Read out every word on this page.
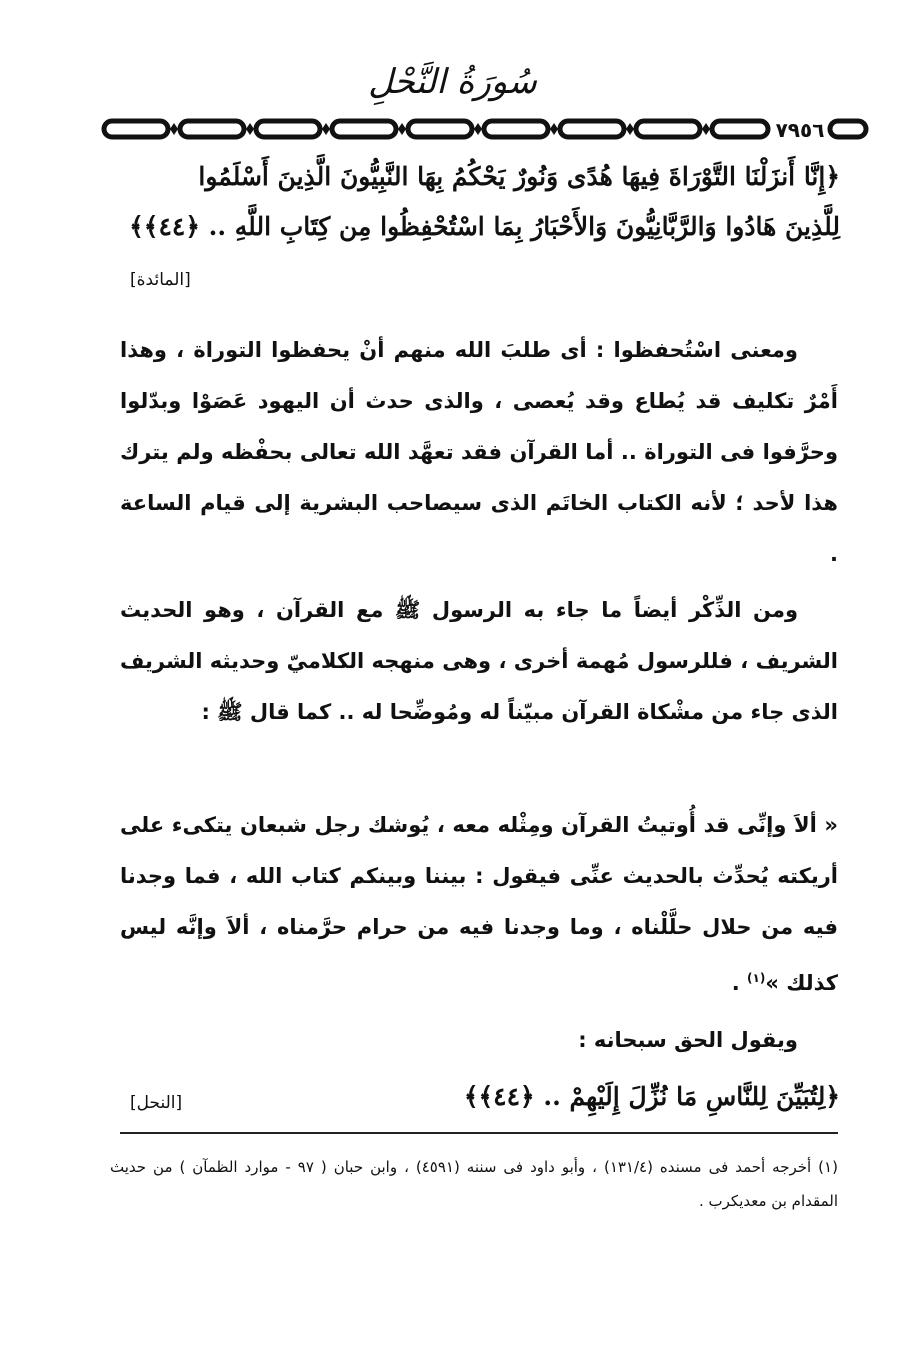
سُورَةُ النَّحْلِ
٧٩٥٦
﴿إِنَّا أَنزَلْنَا التَّوْرَاةَ فِيهَا هُدًى وَنُورٌ يَحْكُمُ بِهَا النَّبِيُّونَ الَّذِينَ أَسْلَمُوا
لِلَّذِينَ هَادُوا وَالرَّبَّانِيُّونَ وَالأَحْبَارُ بِمَا اسْتُحْفِظُوا مِن كِتَابِ اللَّهِ .. ﴿٤٤﴾﴾
[المائدة]
ومعنى اسْتُحفظوا : أى طلبَ الله منهم أنْ يحفظوا التوراة ، وهذا أَمْرٌ تكليف قد يُطاع وقد يُعصى ، والذى حدث أن اليهود عَصَوْا وبدّلوا وحرَّفوا فى التوراة .. أما القرآن فقد تعهَّد الله تعالى بحفْظه ولم يترك هذا لأحد ؛ لأنه الكتاب الخاتَم الذى سيصاحب البشرية إلى قيام الساعة .
ومن الذِّكْر أيضاً ما جاء به الرسول ﷺ مع القرآن ، وهو الحديث الشريف ، فللرسول مُهمة أخرى ، وهى منهجه الكلاميّ وحديثه الشريف الذى جاء من مشْكاة القرآن مبيّناً له ومُوضِّحا له .. كما قال ﷺ :
« ألاَ وإنِّى قد أُوتيتُ القرآن ومِثْله معه ، يُوشك رجل شبعان يتكىء على أريكته يُحدِّث بالحديث عنِّى فيقول : بيننا وبينكم كتاب الله ، فما وجدنا فيه من حلال حلَّلْناه ، وما وجدنا فيه من حرام حرَّمناه ، ألاَ وإنَّه ليس كذلك »$^{(١)}$ .
ويقول الحق سبحانه :
﴿لِتُبَيِّنَ لِلنَّاسِ مَا نُزِّلَ إِلَيْهِمْ .. ﴿٤٤﴾﴾
[النحل]
(١) أخرجه أحمد فى مسنده (١٣١/٤) ، وأبو داود فى سننه (٤٥٩١) ، وابن حبان ( ٩٧ - موارد الظمآن ) من حديث المقدام بن معديكرب .
